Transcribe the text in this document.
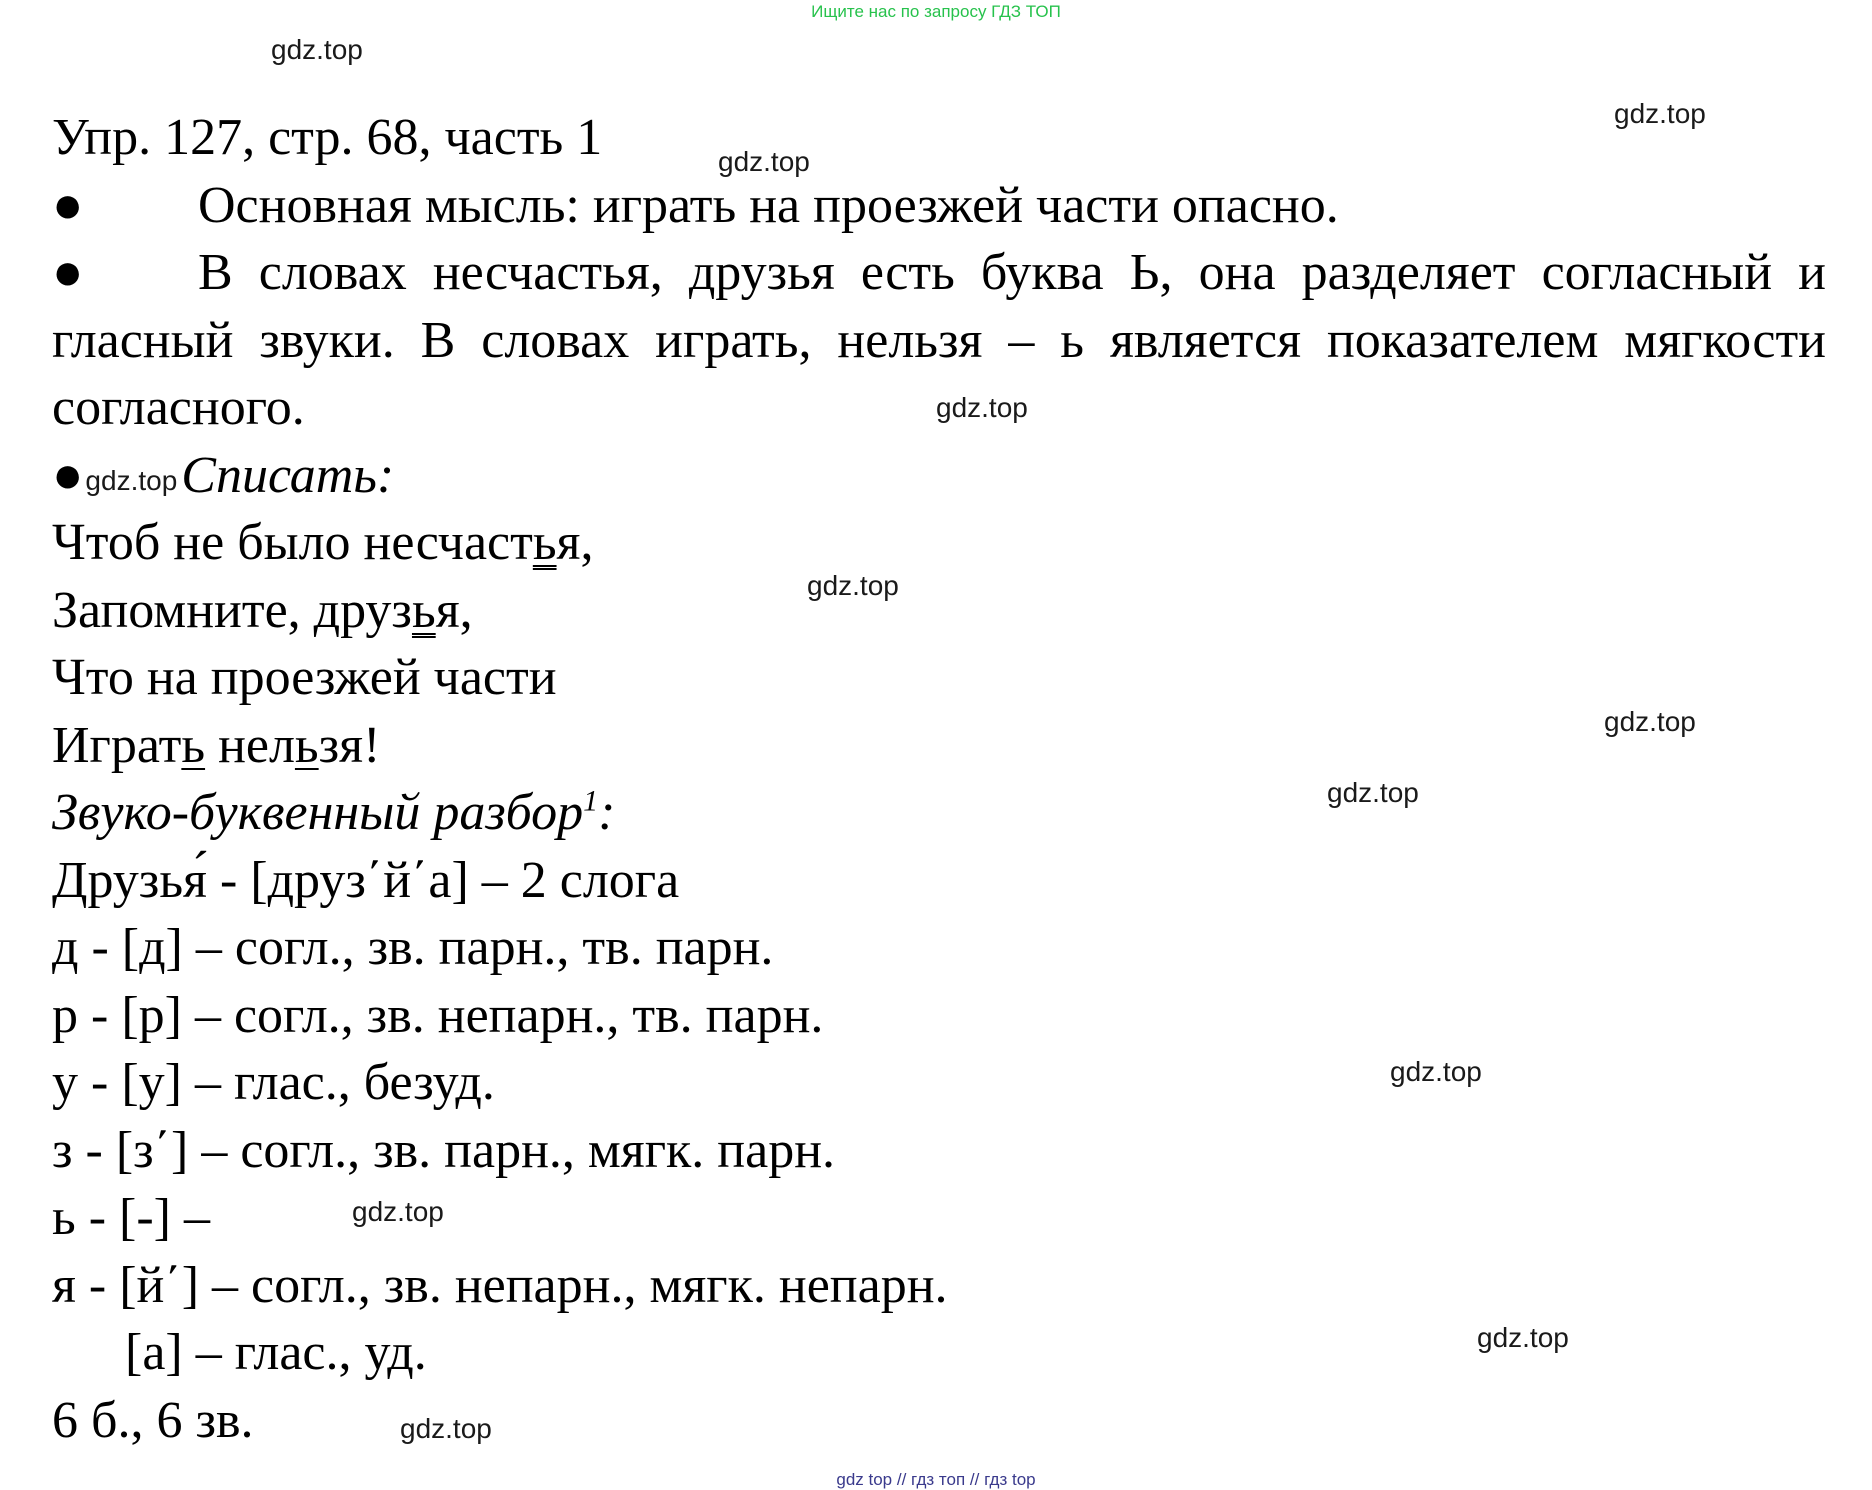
Ищите нас по запросу ГДЗ ТОП
gdz.top
gdz.top
gdz.top
gdz.top
gdz.top
gdz.top
gdz.top
gdz.top
gdz.top
gdz.top
gdz.top
Упр. 127, стр. 68, часть 1
● Основная мысль: играть на проезжей части опасно.
● В словах несчастья, друзья есть буква Ь, она разделяет согласный и гласный звуки. В словах играть, нельзя – ь является показателем мягкости согласного.
●gdz.topСписать:
Чтоб не было несчастья,
Запомните, друзья,
Что на проезжей части
Играть нельзя!
Звуко-буквенный разбор$^1$:
Друзья́ - [друз΄й΄а] – 2 слога
д - [д] – согл., зв. парн., тв. парн.
р - [р] – согл., зв. непарн., тв. парн.
у - [у] – глас., безуд.
з - [з΄] – согл., зв. парн., мягк. парн.
ь - [-] –
я - [й΄] – согл., зв. непарн., мягк. непарн.
[а] – глас., уд.
6 б., 6 зв.
gdz top // гдз топ // гдз top
